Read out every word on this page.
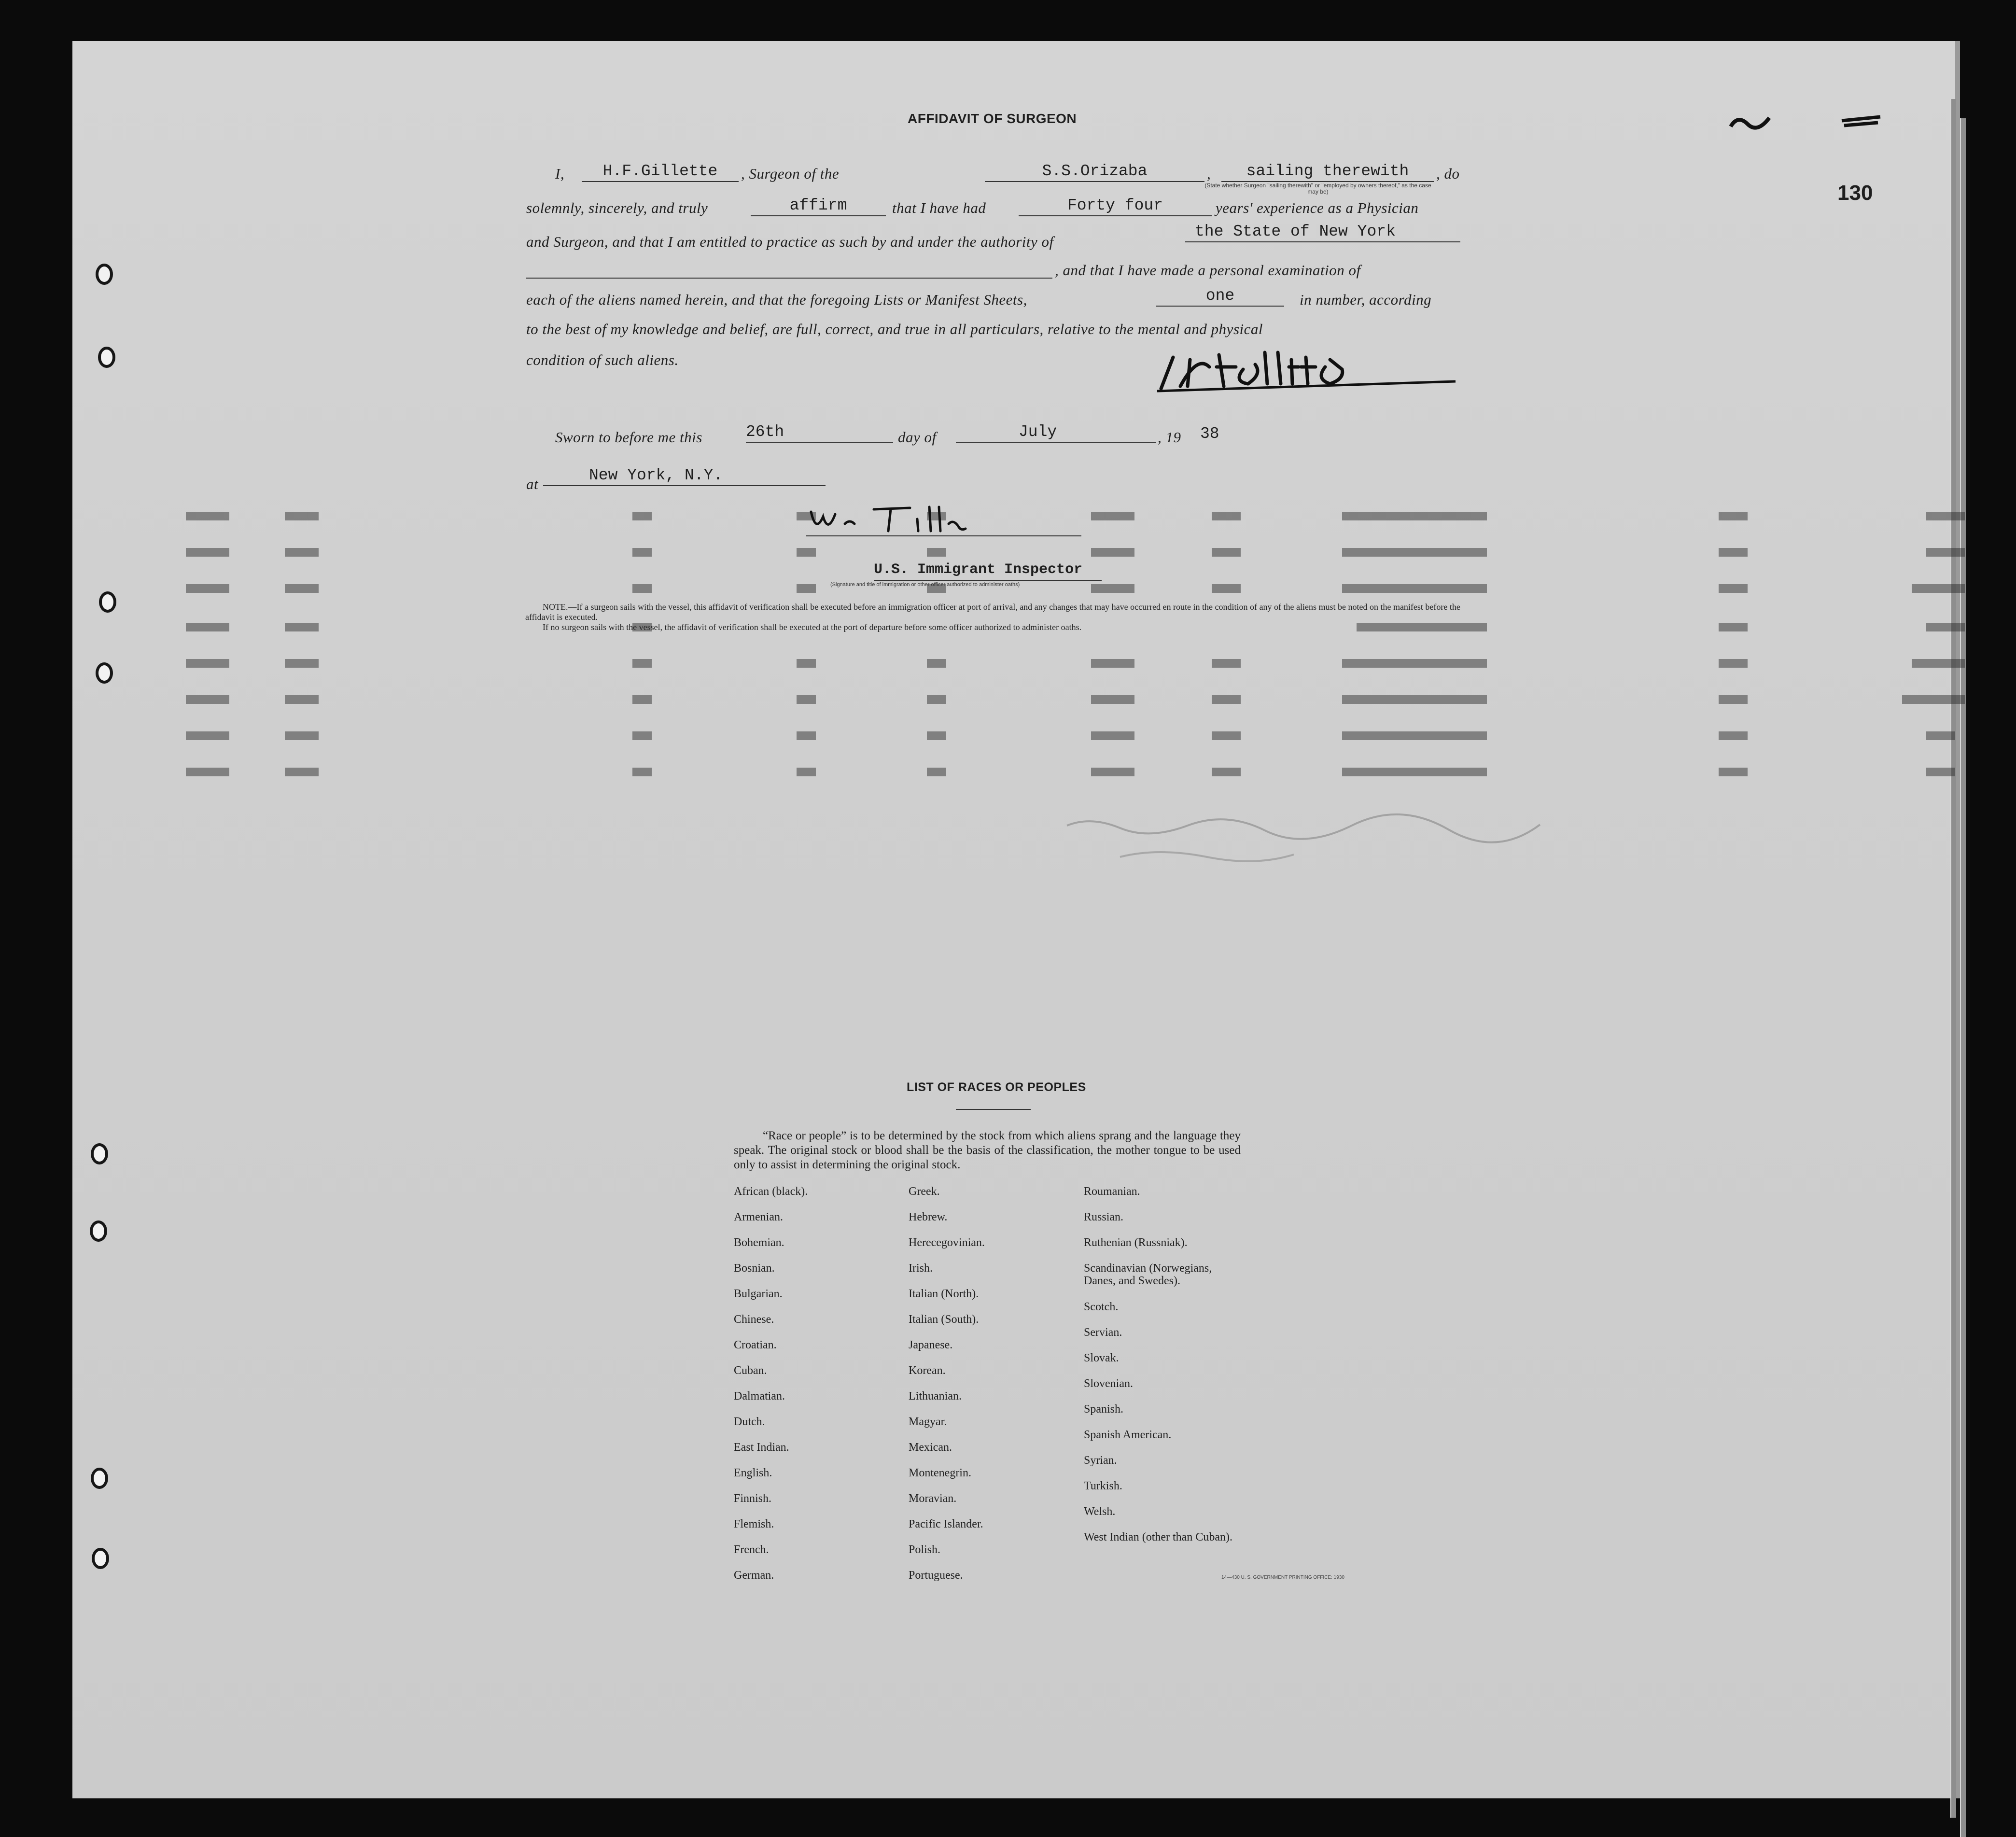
130
AFFIDAVIT OF SURGEON
I,	H.F.Gillette	, Surgeon of the	S.S.Orizaba	,	sailing therewith	, do
(State whether Surgeon "sailing therewith" or "employed by owners thereof," as the case may be)
solemnly, sincerely, and truly	affirm	that I have had	Forty four	years' experience as a Physician
and Surgeon, and that I am entitled to practice as such by and under the authority of
the State of New York
, and that I have made a personal examination of
each of the aliens named herein, and that the foregoing Lists or Manifest Sheets,	one	in number, according
to the best of my knowledge and belief, are full, correct, and true in all particulars, relative to the mental and physical
condition of such aliens.
Sworn to before me this	26th	day of	July	, 19 38
at	New York, N.Y.
U.S. Immigrant Inspector
(Signature and title of immigration or other officer authorized to administer oaths)
NOTE.—If a surgeon sails with the vessel, this affidavit of verification shall be executed before an immigration officer at port of arrival, and any changes that may have occurred en route in the condition of any of the aliens must be noted on the manifest before the affidavit is executed.
If no surgeon sails with the vessel, the affidavit of verification shall be executed at the port of departure before some officer authorized to administer oaths.
LIST OF RACES OR PEOPLES
“Race or people” is to be determined by the stock from which aliens sprang and the language they speak. The original stock or blood shall be the basis of the classification, the mother tongue to be used only to assist in determining the original stock.
African (black).
Armenian.
Bohemian.
Bosnian.
Bulgarian.
Chinese.
Croatian.
Cuban.
Dalmatian.
Dutch.
East Indian.
English.
Finnish.
Flemish.
French.
German.
Greek.
Hebrew.
Herecegovinian.
Irish.
Italian (North).
Italian (South).
Japanese.
Korean.
Lithuanian.
Magyar.
Mexican.
Montenegrin.
Moravian.
Pacific Islander.
Polish.
Portuguese.
Roumanian.
Russian.
Ruthenian (Russniak).
Scandinavian (Norwegians, Danes, and Swedes).
Scotch.
Servian.
Slovak.
Slovenian.
Spanish.
Spanish American.
Syrian.
Turkish.
Welsh.
West Indian (other than Cuban).
14—430 U. S. GOVERNMENT PRINTING OFFICE: 1930
